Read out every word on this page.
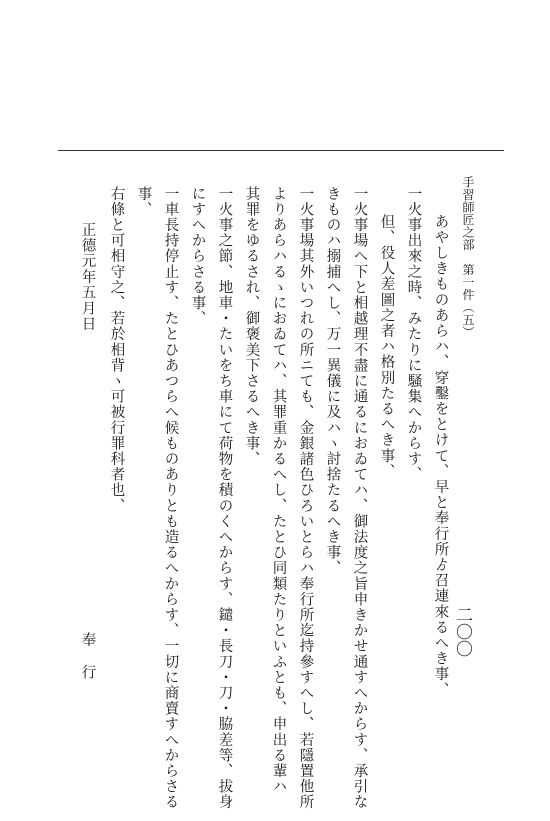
手習師匠之部　第一件（五）
二〇〇
あやしきものあらハ、穿鑿をとけて、早と奉行所ゟ召連來るへき事、
一火事出來之時、みたりに騒集へからす、
但、役人差圖之者ハ格別たるへき事、
一火事場へ下と相越理不盡に通るにおゐてハ、御法度之旨申きかせ通すへからす、承引な
きものハ搦捕へし、万一異儀に及ハヽ討捨たるへき事、
一火事場其外いつれの所ニても、金銀諸色ひろいとらハ奉行所迄持參すへし、若隱置他所
よりあらハるゝにおゐてハ、其罪重かるへし、たとひ同類たりといふとも、申出る輩ハ
其罪をゆるされ、御褒美下さるへき事、
一火事之節、地車・たいをち車にて荷物を積のくへからす、鑓・長刀・刀・脇差等、拔身
にすへからさる事、
一車長持停止す、たとひあつらへ候ものありとも造るへからす、一切に商賣すへからさる
事、
右條と可相守之、若於相背ヽ可被行罪科者也、
正德元年五月日
奉行
